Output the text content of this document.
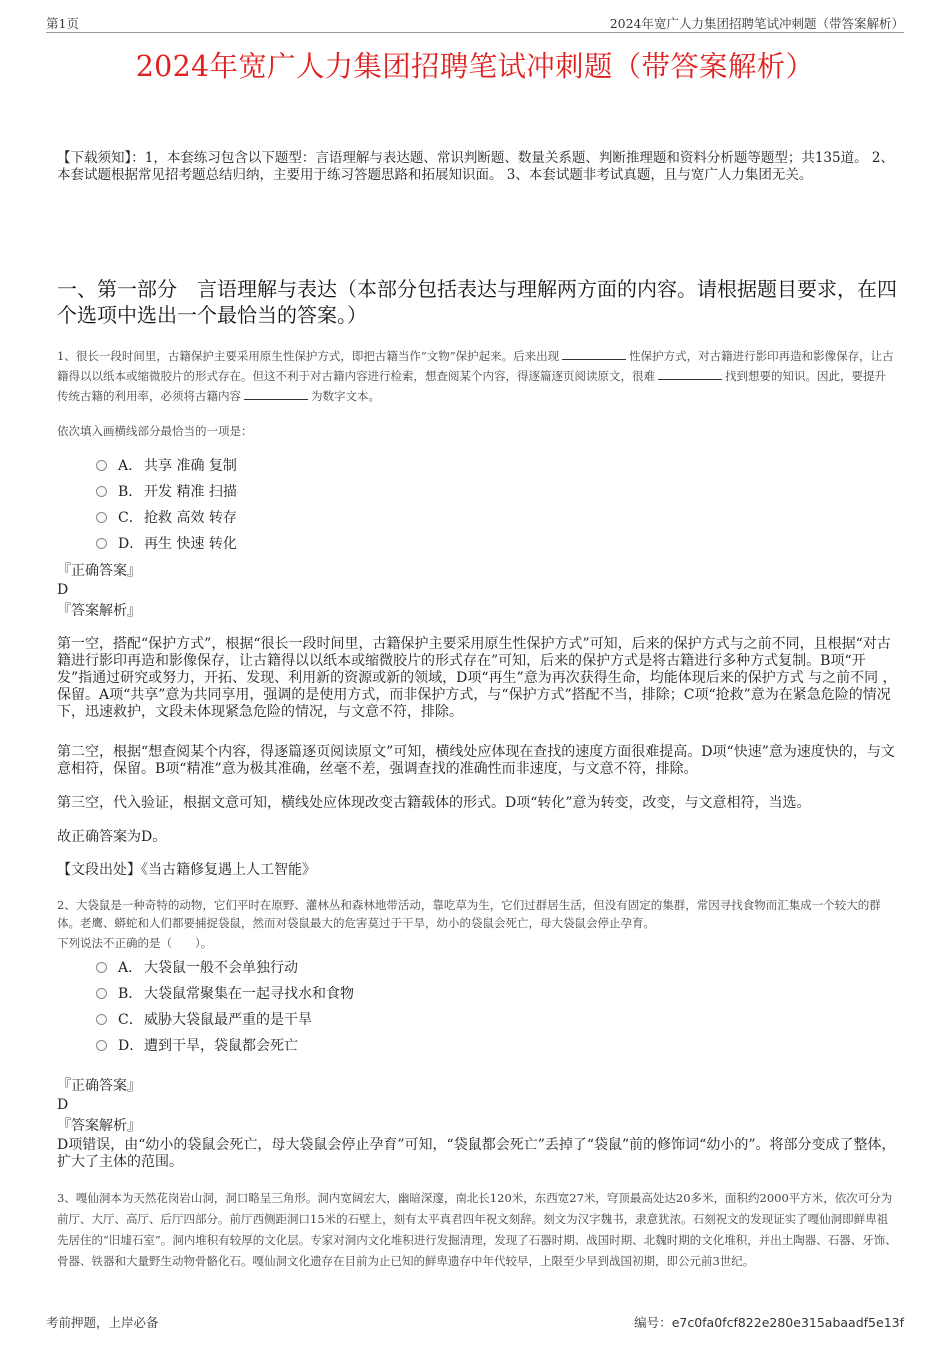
第1页	2024年宽广人力集团招聘笔试冲刺题（带答案解析）
2024年宽广人力集团招聘笔试冲刺题（带答案解析）
【下载须知】：1，本套练习包含以下题型：言语理解与表达题、常识判断题、数量关系题、判断推理题和资料分析题等题型；共135道。 2、本套试题根据常见招考题总结归纳，主要用于练习答题思路和拓展知识面。 3、本套试题非考试真题，且与宽广人力集团无关。
一、第一部分　言语理解与表达（本部分包括表达与理解两方面的内容。请根据题目要求，在四个选项中选出一个最恰当的答案。）
1、很长一段时间里，古籍保护主要采用原生性保护方式，即把古籍当作“文物”保护起来。后来出现	性保护方式，对古籍进行影印再造和影像保存，让古籍得以以纸本或缩微胶片的形式存在。但这不利于对古籍内容进行检索，想查阅某个内容，得逐篇逐页阅读原文，很难	找到想要的知识。因此，要提升传统古籍的利用率，必须将古籍内容	为数字文本。
依次填入画横线部分最恰当的一项是：
A． 共享 准确 复制
B． 开发 精准 扫描
C．抢救 高效 转存
D．再生 快速 转化
『正确答案』
D
『答案解析』
第一空，搭配“保护方式”，根据“很长一段时间里，古籍保护主要采用原生性保护方式”可知，后来的保护方式与之前不同，且根据“对古籍进行影印再造和影像保存，让古籍得以以纸本或缩微胶片的形式存在”可知，后来的保护方式是将古籍进行多种方式复制。B项“开发”指通过研究或努力，开拓、发现、利用新的资源或新的领域，D项“再生”意为再次获得生命，均能体现后来的保护方式 与之前不同 ，保留。A项“共享”意为共同享用，强调的是使用方式，而非保护方式，与“保护方式”搭配不当，排除；C项“抢救”意为在紧急危险的情况下，迅速救护，文段未体现紧急危险的情况，与文意不符，排除。
第二空，根据“想查阅某个内容，得逐篇逐页阅读原文”可知，横线处应体现在查找的速度方面很难提高。D项“快速”意为速度快的，与文意相符，保留。B项“精准”意为极其准确，丝毫不差，强调查找的准确性而非速度，与文意不符，排除。
第三空，代入验证，根据文意可知，横线处应体现改变古籍载体的形式。D项“转化”意为转变，改变，与文意相符，当选。
故正确答案为D。
【文段出处】《当古籍修复遇上人工智能》
2、大袋鼠是一种奇特的动物，它们平时在原野、灌林丛和森林地带活动，靠吃草为生，它们过群居生活，但没有固定的集群，常因寻找食物而汇集成一个较大的群体。老鹰、蟒蛇和人们都要捕捉袋鼠，然而对袋鼠最大的危害莫过于干旱，幼小的袋鼠会死亡，母大袋鼠会停止孕育。
下列说法不正确的是（　　）。
A． 大袋鼠一般不会单独行动
B． 大袋鼠常聚集在一起寻找水和食物
C．威胁大袋鼠最严重的是干旱
D．遭到干旱，袋鼠都会死亡
『正确答案』
D
『答案解析』
D项错误，由“幼小的袋鼠会死亡，母大袋鼠会停止孕育”可知，“袋鼠都会死亡”丢掉了“袋鼠”前的修饰词“幼小的”。将部分变成了整体，扩大了主体的范围。
3、嘎仙洞本为天然花岗岩山洞，洞口略呈三角形。洞内宽阔宏大，幽暗深邃，南北长120米，东西宽27米，穹顶最高处达20多米，面积约2000平方米，依次可分为前厅、大厅、高厅、后厅四部分。前厅西侧距洞口15米的石壁上，刻有太平真君四年祝文刻辞。刻文为汉字魏书，隶意犹浓。石刻祝文的发现证实了嘎仙洞即鲜卑祖先居住的“旧墟石室”。洞内堆积有较厚的文化层。专家对洞内文化堆积进行发掘清理，发现了石器时期、战国时期、北魏时期的文化堆积，并出土陶器、石器、牙饰、骨器、铁器和大量野生动物骨骼化石。嘎仙洞文化遗存在目前为止已知的鲜卑遗存中年代较早，上限至少早到战国初期，即公元前3世纪。
考前押题，上岸必备	编号：e7c0fa0fcf822e280e315abaadf5e13f
